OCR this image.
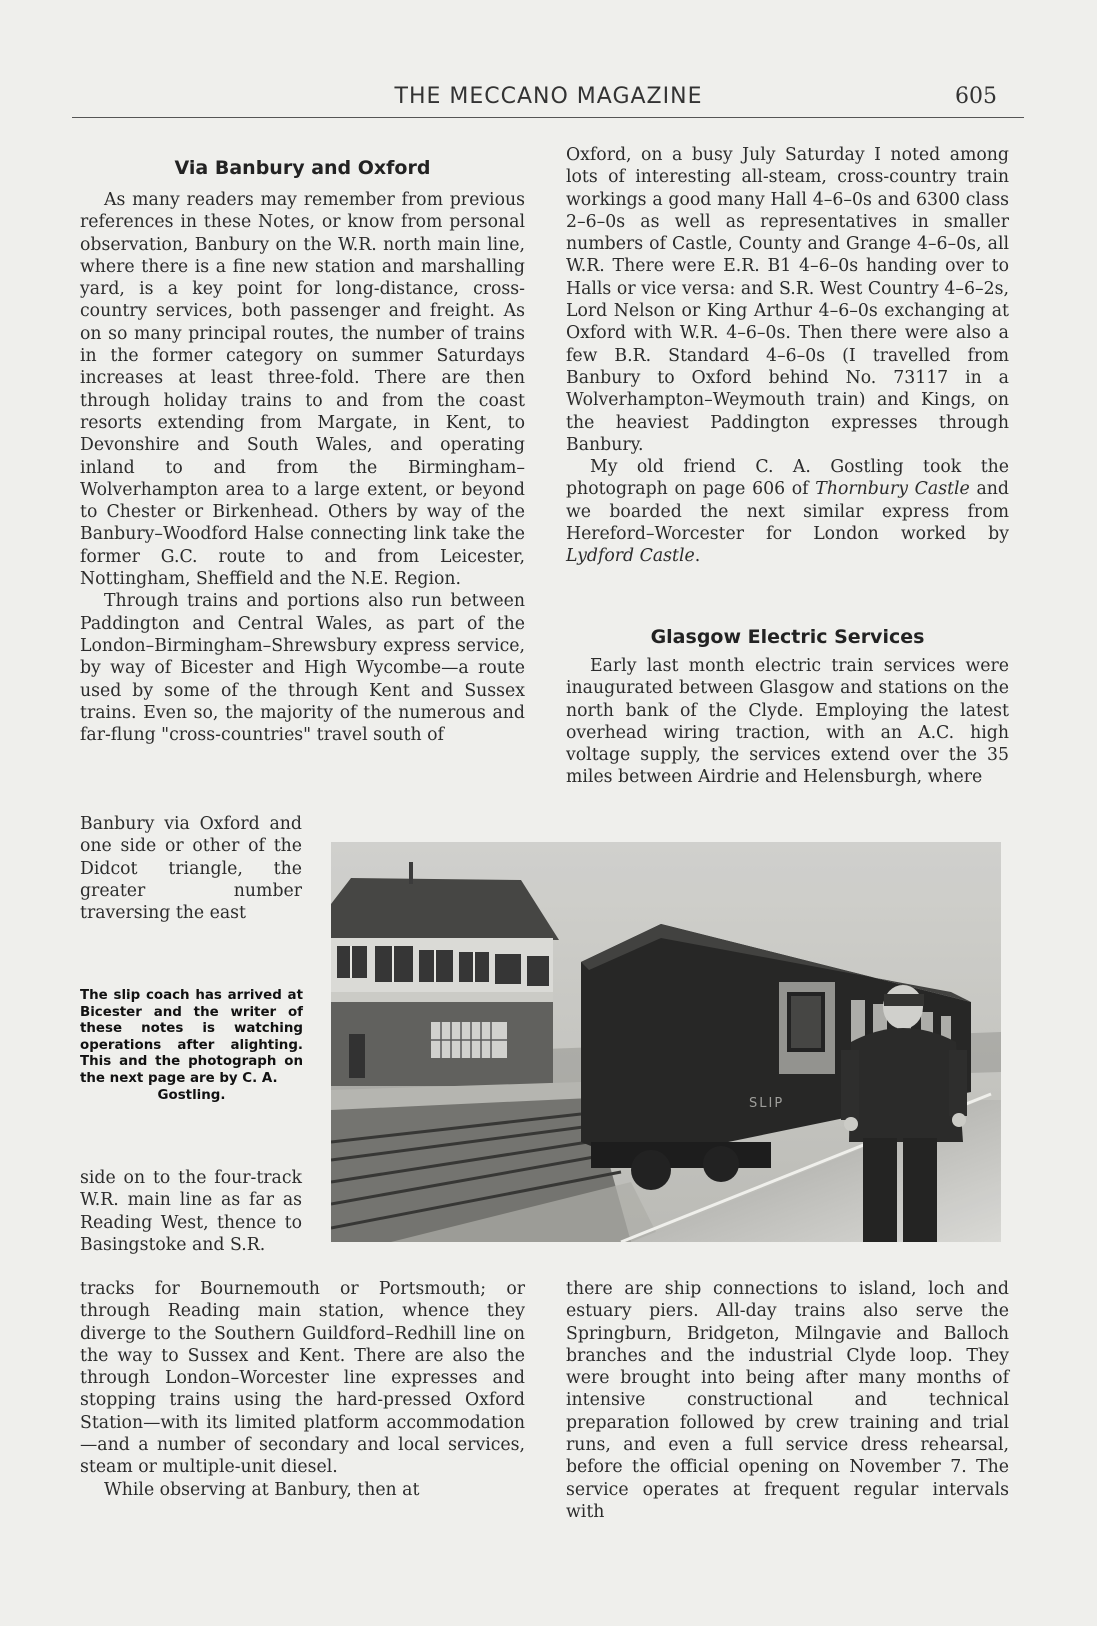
THE MECCANO MAGAZINE	605
Via Banbury and Oxford

As many readers may remember from previous references in these Notes, or know from personal observation, Banbury on the W.R. north main line, where there is a fine new station and marshalling yard, is a key point for long-distance, cross-country services, both passenger and freight. As on so many principal routes, the number of trains in the former category on summer Saturdays increases at least three-fold. There are then through holiday trains to and from the coast resorts extending from Margate, in Kent, to Devonshire and South Wales, and operating inland to and from the Birmingham–Wolverhampton area to a large extent, or beyond to Chester or Birkenhead. Others by way of the Banbury–Woodford Halse connecting link take the former G.C. route to and from Leicester, Nottingham, Sheffield and the N.E. Region.

Through trains and portions also run between Paddington and Central Wales, as part of the London–Birmingham–Shrewsbury express service, by way of Bicester and High Wycombe—a route used by some of the through Kent and Sussex trains. Even so, the majority of the numerous and far-flung "cross-countries" travel south of

Banbury via Oxford and one side or other of the Didcot triangle, the greater number traversing the east

The slip coach has arrived at Bicester and the writer of these notes is watching operations after alighting. This and the photograph on the next page are by C. A.
Gostling.

side on to the four-track W.R. main line as far as Reading West, thence to Basingstoke and S.R.

tracks for Bournemouth or Portsmouth; or through Reading main station, whence they diverge to the Southern Guildford–Redhill line on the way to Sussex and Kent. There are also the through London–Worcester line expresses and stopping trains using the hard-pressed Oxford Station—with its limited platform accommodation—and a number of secondary and local services, steam or multiple-unit diesel.

While observing at Banbury, then at

Oxford, on a busy July Saturday I noted among lots of interesting all-steam, cross-country train workings a good many Hall 4–6–0s and 6300 class 2–6–0s as well as representatives in smaller numbers of Castle, County and Grange 4–6–0s, all W.R. There were E.R. B1 4–6–0s handing over to Halls or vice versa: and S.R. West Country 4–6–2s, Lord Nelson or King Arthur 4–6–0s exchanging at Oxford with W.R. 4–6–0s. Then there were also a few B.R. Standard 4–6–0s (I travelled from Banbury to Oxford behind No. 73117 in a Wolverhampton–Weymouth train) and Kings, on the heaviest Paddington expresses through Banbury.

My old friend C. A. Gostling took the photograph on page 606 of Thornbury Castle and we boarded the next similar express from Hereford–Worcester for London worked by Lydford Castle.

Glasgow Electric Services

Early last month electric train services were inaugurated between Glasgow and stations on the north bank of the Clyde. Employing the latest overhead wiring traction, with an A.C. high voltage supply, the services extend over the 35 miles between Airdrie and Helensburgh, where

there are ship connections to island, loch and estuary piers. All-day trains also serve the Springburn, Bridgeton, Milngavie and Balloch branches and the industrial Clyde loop. They were brought into being after many months of intensive constructional and technical preparation followed by crew training and trial runs, and even a full service dress rehearsal, before the official opening on November 7. The service operates at frequent regular intervals with

SLIP
